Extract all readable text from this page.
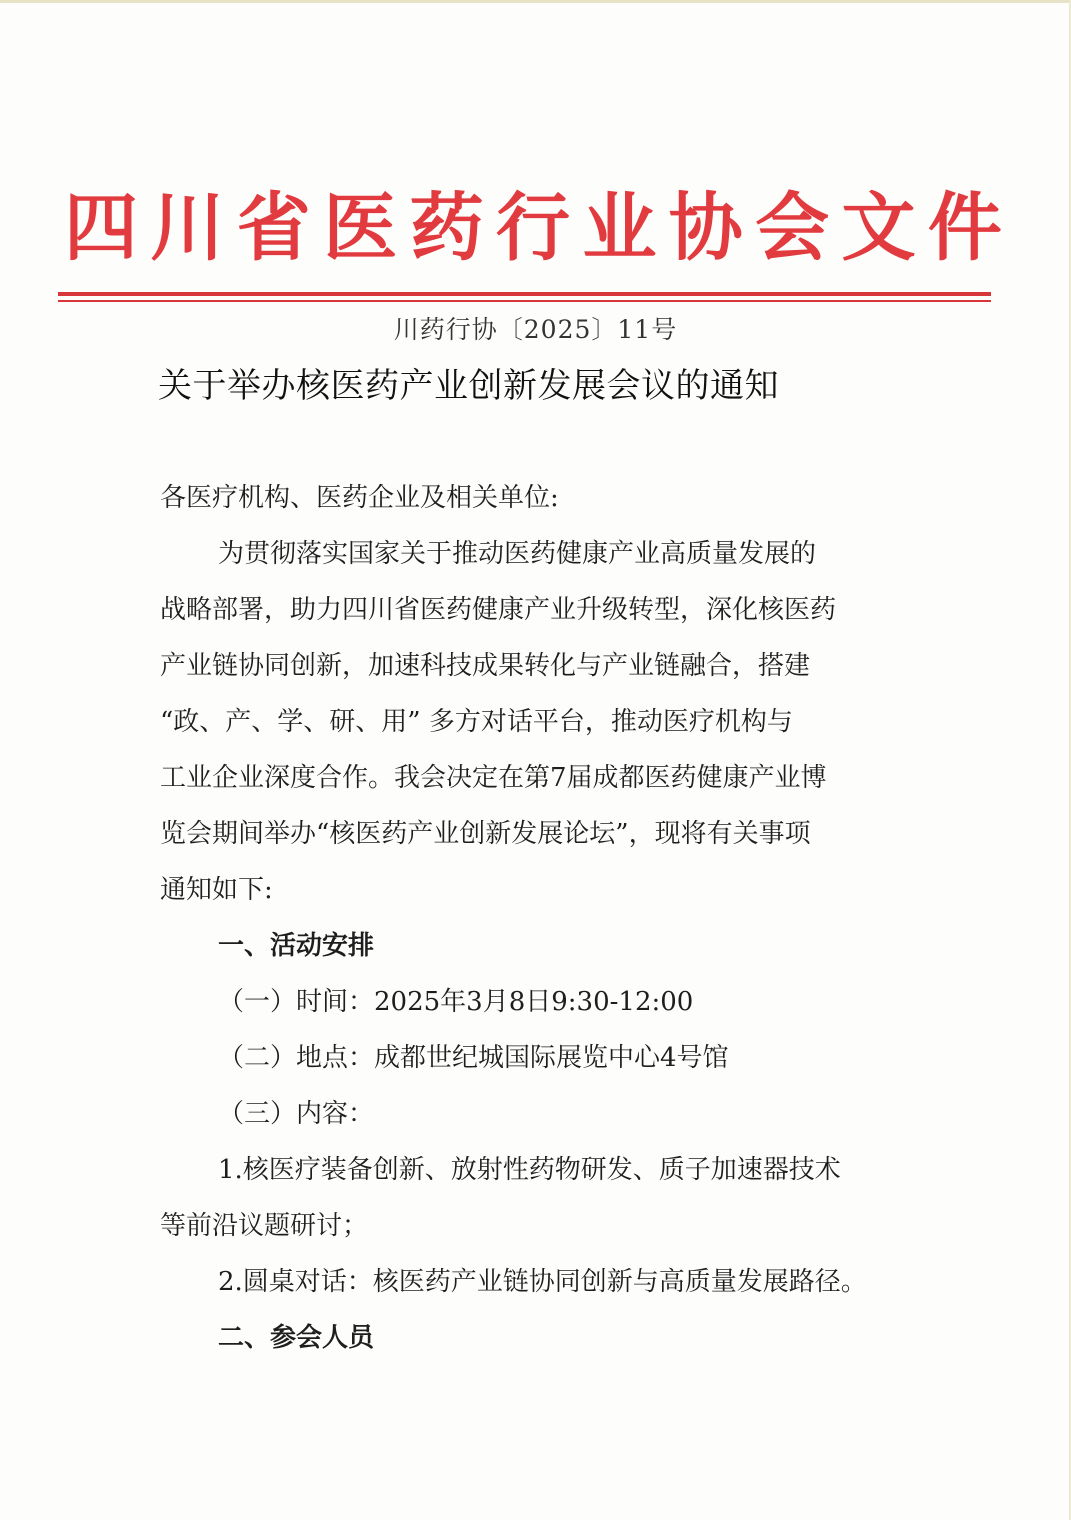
四 川 省 医 药 行 业 协 会 文 件
川药行协〔2025〕11号
关于举办核医药产业创新发展会议的通知
各医疗机构、医药企业及相关单位:
为贯彻落实国家关于推动医药健康产业高质量发展的
战略部署，助力四川省医药健康产业升级转型，深化核医药
产业链协同创新，加速科技成果转化与产业链融合，搭建
“政、产、学、研、用” 多方对话平台，推动医疗机构与
工业企业深度合作。我会决定在第7届成都医药健康产业博
览会期间举办“核医药产业创新发展论坛”，现将有关事项
通知如下:
一、活动安排
（一）时间：2025年3月8日9:30-12:00
（二）地点：成都世纪城国际展览中心4号馆
（三）内容：
1.核医疗装备创新、放射性药物研发、质子加速器技术
等前沿议题研讨；
2.圆桌对话：核医药产业链协同创新与高质量发展路径。
二、参会人员
